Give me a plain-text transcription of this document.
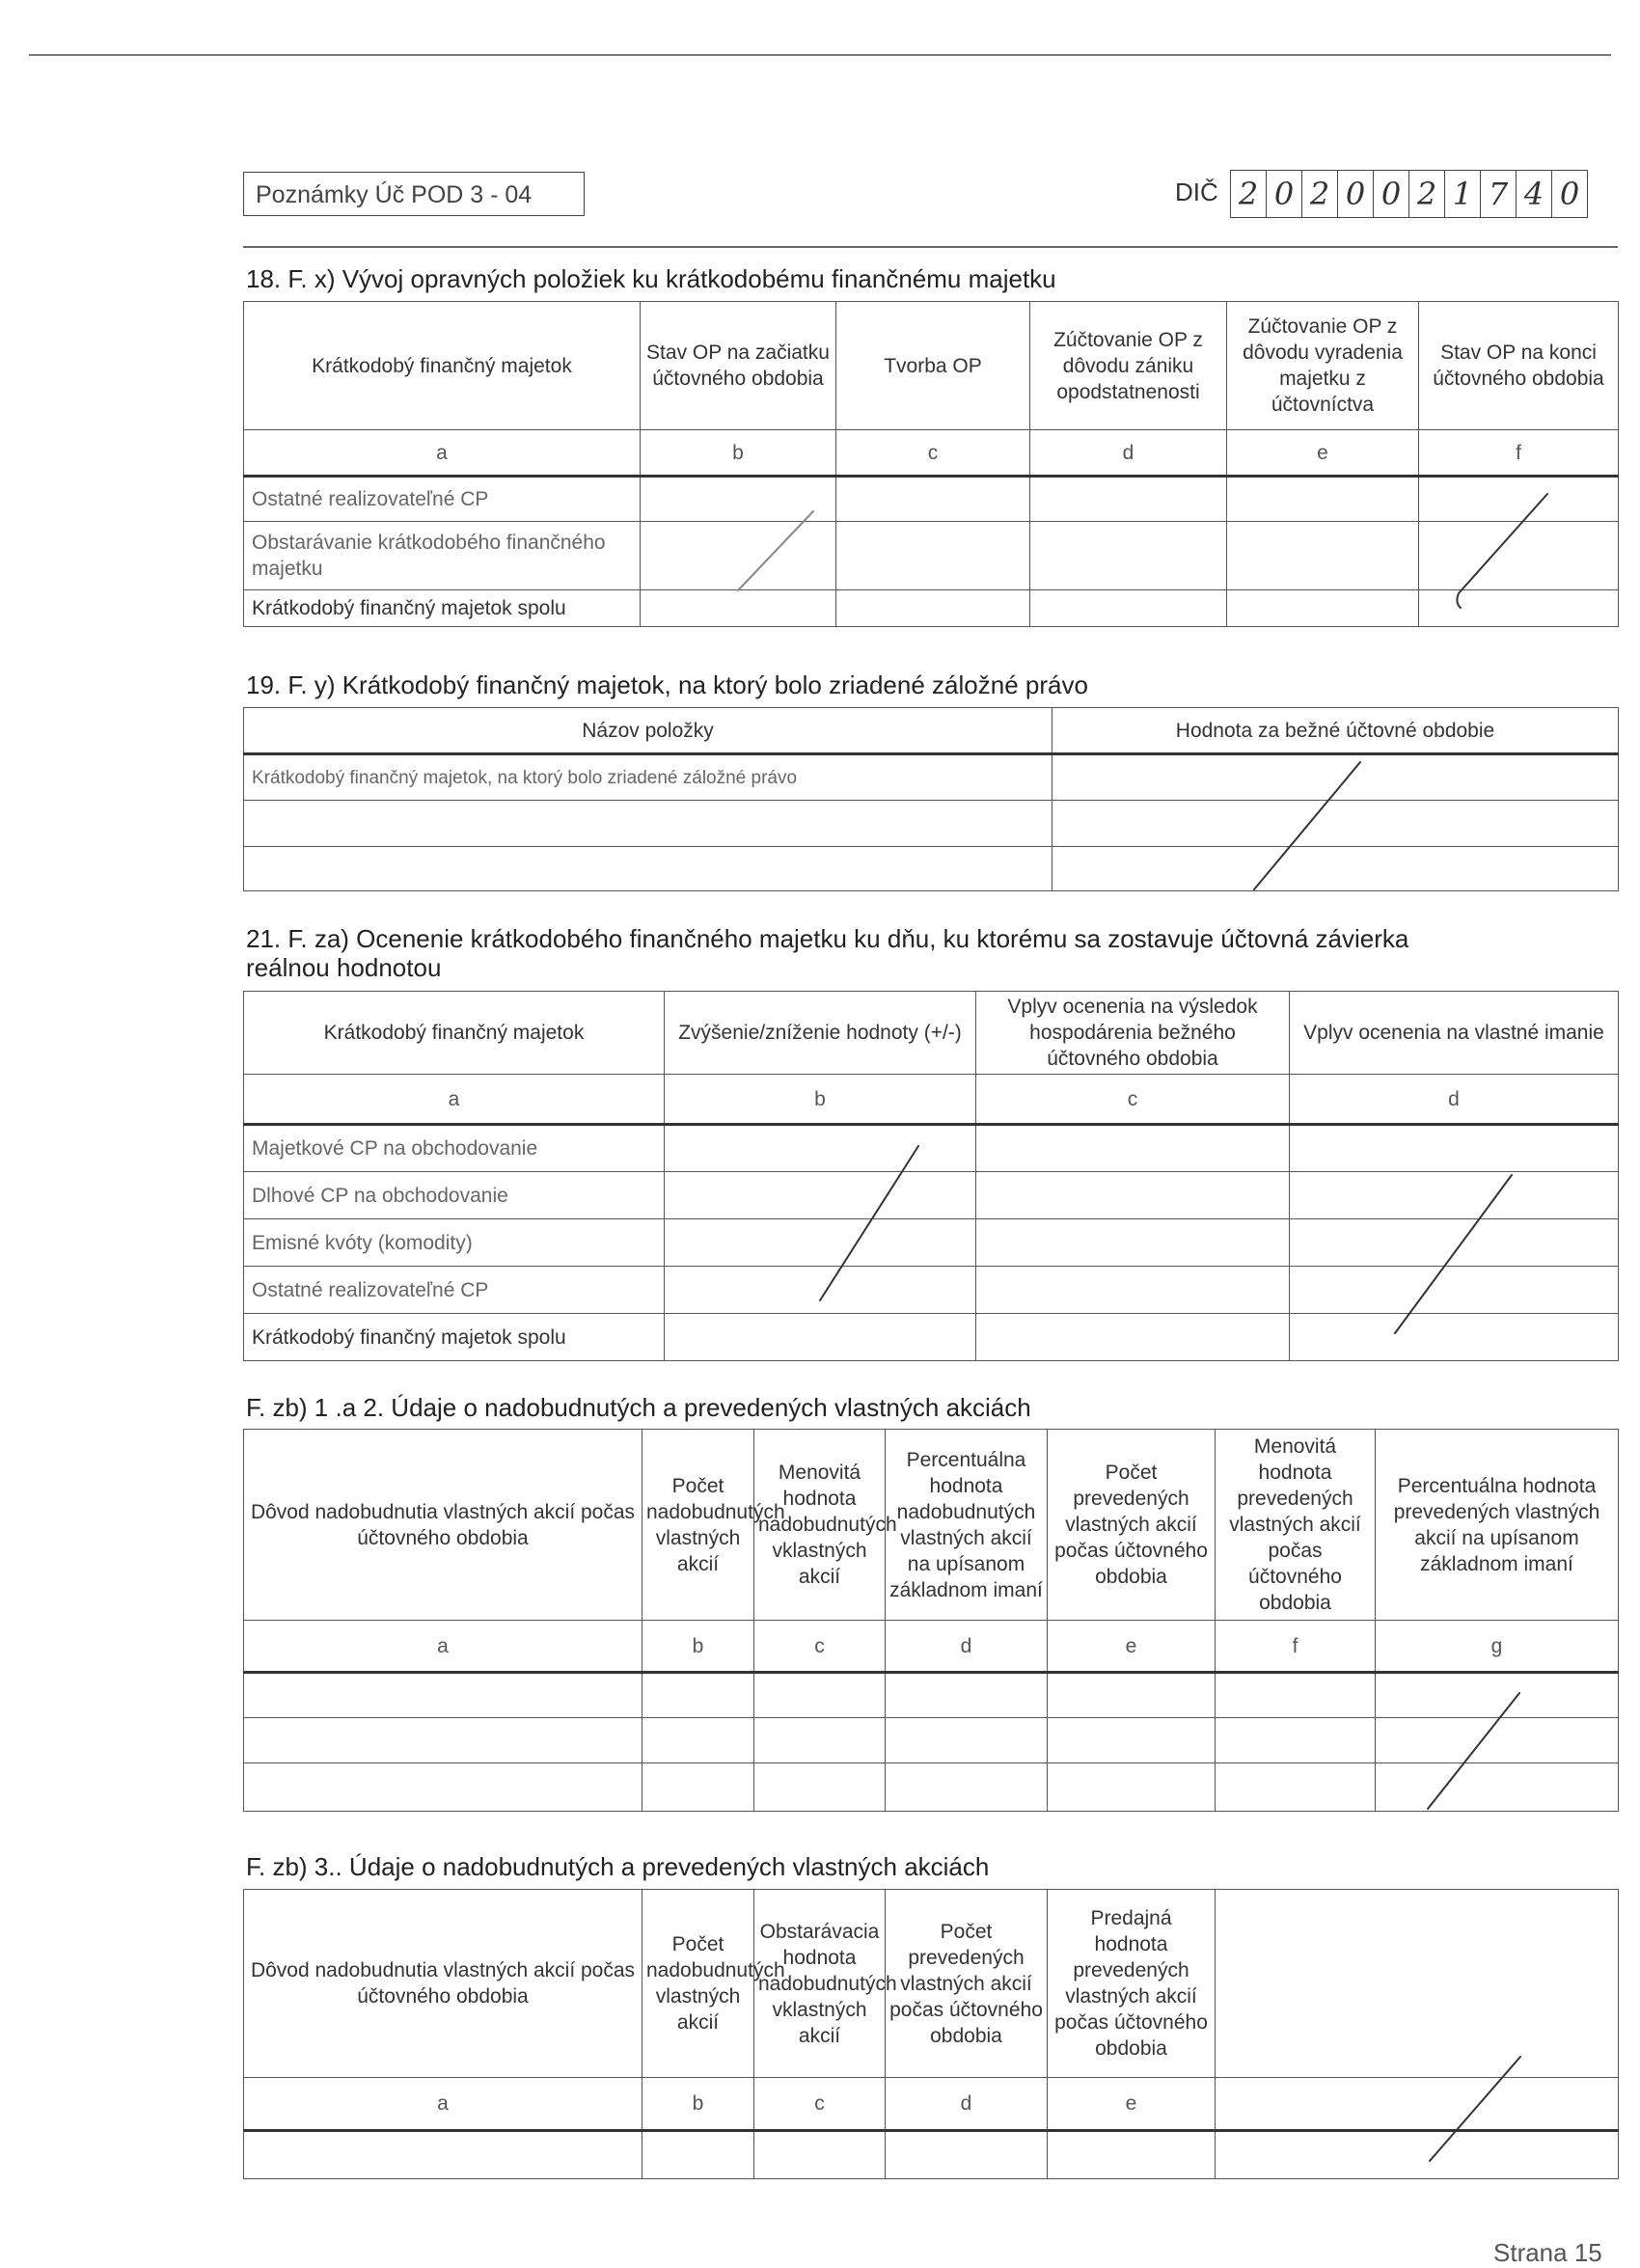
Poznámky Úč POD 3 - 04	DIČ 2 0 2 0 0 2 1 7 4 0
18. F. x) Vývoj opravných položiek ku krátkodobému finančnému majetku
Krátkodobý finančný majetok	Stav OP na začiatku účtovného obdobia	Tvorba OP	Zúčtovanie OP z dôvodu zániku opodstatnenosti	Zúčtovanie OP z dôvodu vyradenia majetku z účtovníctva	Stav OP na konci účtovného obdobia
a	b	c	d	e	f
Ostatné realizovateľné CP					
Obstarávanie krátkodobého finančného majetku					
Krátkodobý finančný majetok spolu					
19. F. y) Krátkodobý finančný majetok, na ktorý bolo zriadené záložné právo
Názov položky	Hodnota za bežné účtovné obdobie
Krátkodobý finančný majetok, na ktorý bolo zriadené záložné právo	

21. F. za) Ocenenie krátkodobého finančného majetku ku dňu, ku ktorému sa zostavuje účtovná závierka
reálnou hodnotou
Krátkodobý finančný majetok	Zvýšenie/zníženie hodnoty (+/-)	Vplyv ocenenia na výsledok hospodárenia bežného účtovného obdobia	Vplyv ocenenia na vlastné imanie
a	b	c	d
Majetkové CP na obchodovanie			
Dlhové CP na obchodovanie			
Emisné kvóty (komodity)			
Ostatné realizovateľné CP			
Krátkodobý finančný majetok spolu			
F. zb) 1 .a 2. Údaje o nadobudnutých a prevedených vlastných akciách
Dôvod nadobudnutia vlastných akcií počas účtovného obdobia	Počet nadobudnutých vlastných akcií	Menovitá hodnota nadobudnutých vklastných akcií	Percentuálna hodnota nadobudnutých vlastných akcií na upísanom základnom imaní	Počet prevedených vlastných akcií počas účtovného obdobia	Menovitá hodnota prevedených vlastných akcií počas účtovného obdobia	Percentuálna hodnota prevedených vlastných akcií na upísanom základnom imaní
a	b	c	d	e	f	g

F. zb) 3.. Údaje o nadobudnutých a prevedených vlastných akciách
Dôvod nadobudnutia vlastných akcií počas účtovného obdobia	Počet nadobudnutých vlastných akcií	Obstarávacia hodnota nadobudnutých vklastných akcií	Počet prevedených vlastných akcií počas účtovného obdobia	Predajná hodnota prevedených vlastných akcií počas účtovného obdobia	
a	b	c	d	e	

Strana 15
